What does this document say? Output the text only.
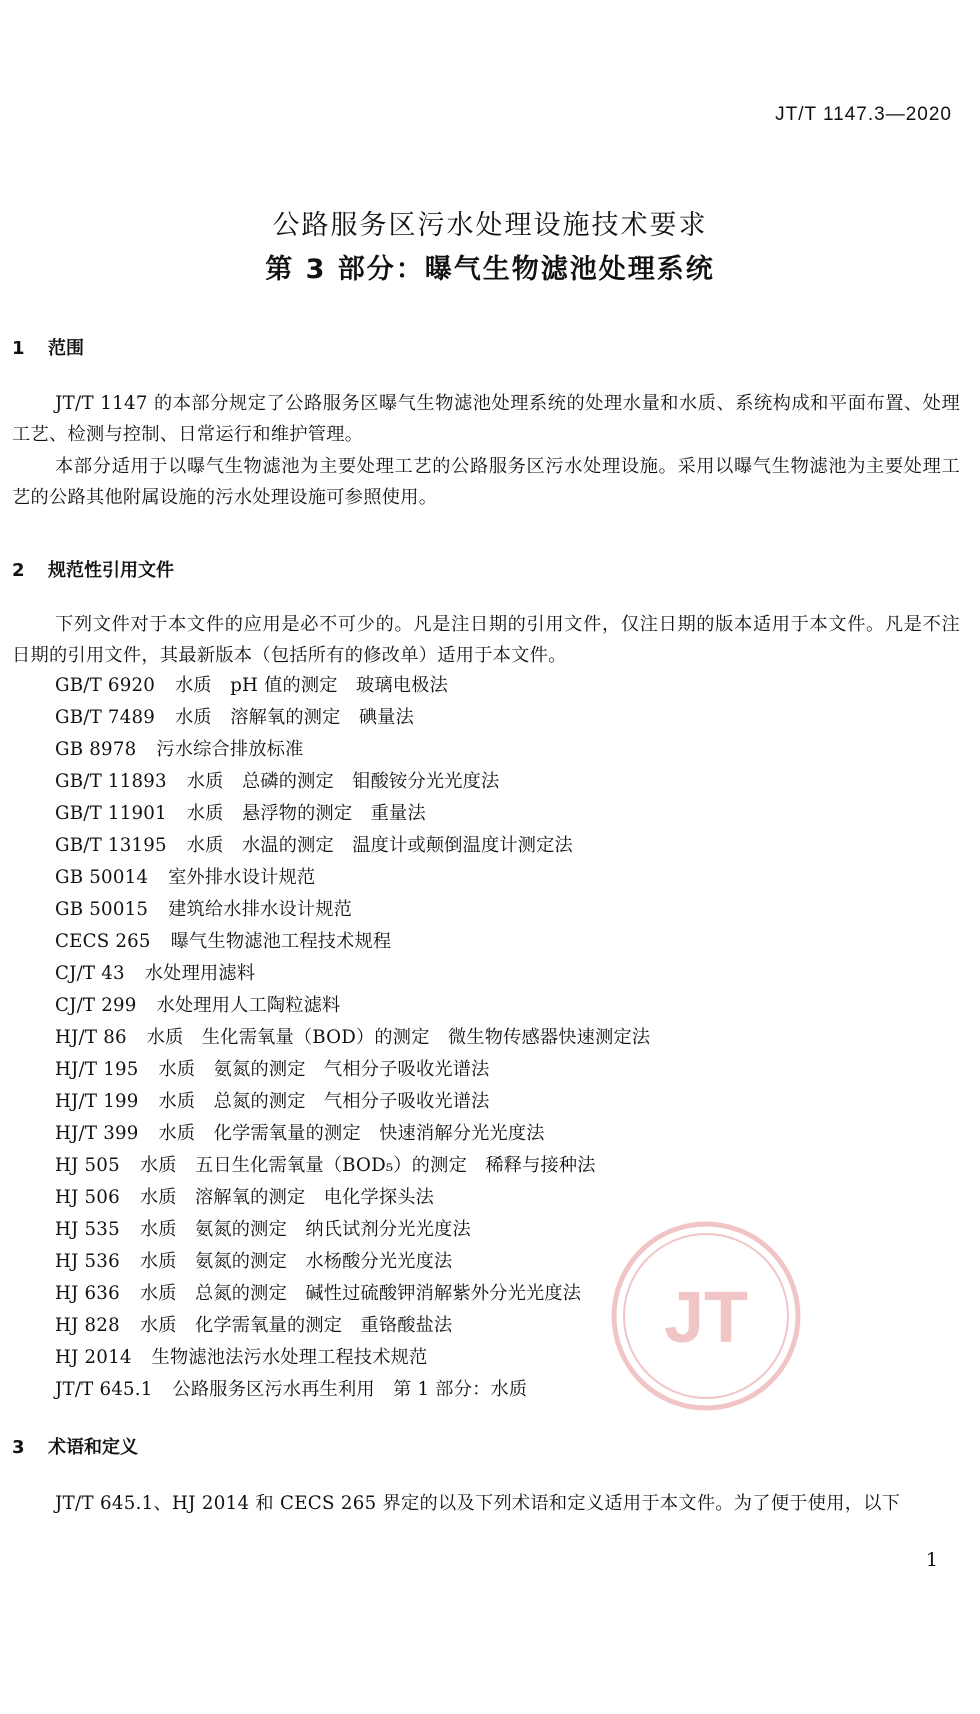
JT/T 1147.3—2020
公路服务区污水处理设施技术要求
第 3 部分：曝气生物滤池处理系统
1 范围
JT/T 1147 的本部分规定了公路服务区曝气生物滤池处理系统的处理水量和水质、系统构成和平面布置、处理工艺、检测与控制、日常运行和维护管理。
本部分适用于以曝气生物滤池为主要处理工艺的公路服务区污水处理设施。采用以曝气生物滤池为主要处理工艺的公路其他附属设施的污水处理设施可参照使用。
2 规范性引用文件
下列文件对于本文件的应用是必不可少的。凡是注日期的引用文件，仅注日期的版本适用于本文件。凡是不注日期的引用文件，其最新版本（包括所有的修改单）适用于本文件。
GB/T 6920 水质　pH 值的测定　玻璃电极法
GB/T 7489 水质　溶解氧的测定　碘量法
GB 8978 污水综合排放标准
GB/T 11893 水质　总磷的测定　钼酸铵分光光度法
GB/T 11901 水质　悬浮物的测定　重量法
GB/T 13195 水质　水温的测定　温度计或颠倒温度计测定法
GB 50014 室外排水设计规范
GB 50015 建筑给水排水设计规范
CECS 265 曝气生物滤池工程技术规程
CJ/T 43 水处理用滤料
CJ/T 299 水处理用人工陶粒滤料
HJ/T 86 水质　生化需氧量（BOD）的测定　微生物传感器快速测定法
HJ/T 195 水质　氨氮的测定　气相分子吸收光谱法
HJ/T 199 水质　总氮的测定　气相分子吸收光谱法
HJ/T 399 水质　化学需氧量的测定　快速消解分光光度法
HJ 505 水质　五日生化需氧量（BOD₅）的测定　稀释与接种法
HJ 506 水质　溶解氧的测定　电化学探头法
HJ 535 水质　氨氮的测定　纳氏试剂分光光度法
HJ 536 水质　氨氮的测定　水杨酸分光光度法
HJ 636 水质　总氮的测定　碱性过硫酸钾消解紫外分光光度法
HJ 828 水质　化学需氧量的测定　重铬酸盐法
HJ 2014 生物滤池法污水处理工程技术规范
JT/T 645.1 公路服务区污水再生利用　第 1 部分：水质
3 术语和定义
JT/T 645.1、HJ 2014 和 CECS 265 界定的以及下列术语和定义适用于本文件。为了便于使用，以下
JT
1
